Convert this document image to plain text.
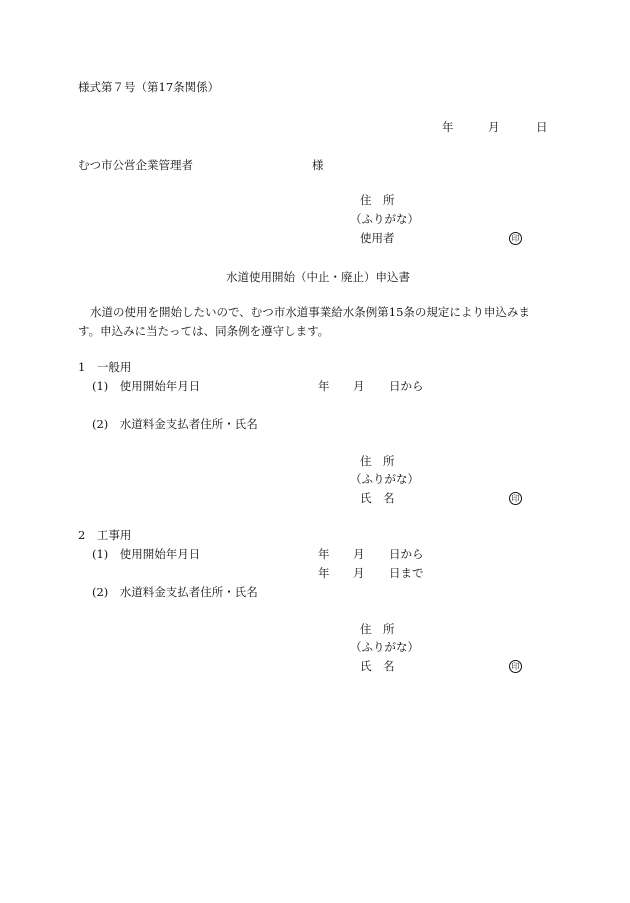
様式第７号（第17条関係）
年	月	日
むつ市公営企業管理者	様
住　所
（ふりがな）
使用者	印
水道使用開始（中止・廃止）申込書
水道の使用を開始したいので、むつ市水道事業給水条例第15条の規定により申込みます。申込みに当たっては、同条例を遵守します。
1　一般用
(1)　使用開始年月日	年 月 日から
(2)　水道料金支払者住所・氏名
住　所
（ふりがな）
氏　名	印
2　工事用
(1)　使用開始年月日	年 月 日から
年 月 日まで
(2)　水道料金支払者住所・氏名
住　所
（ふりがな）
氏　名	印
